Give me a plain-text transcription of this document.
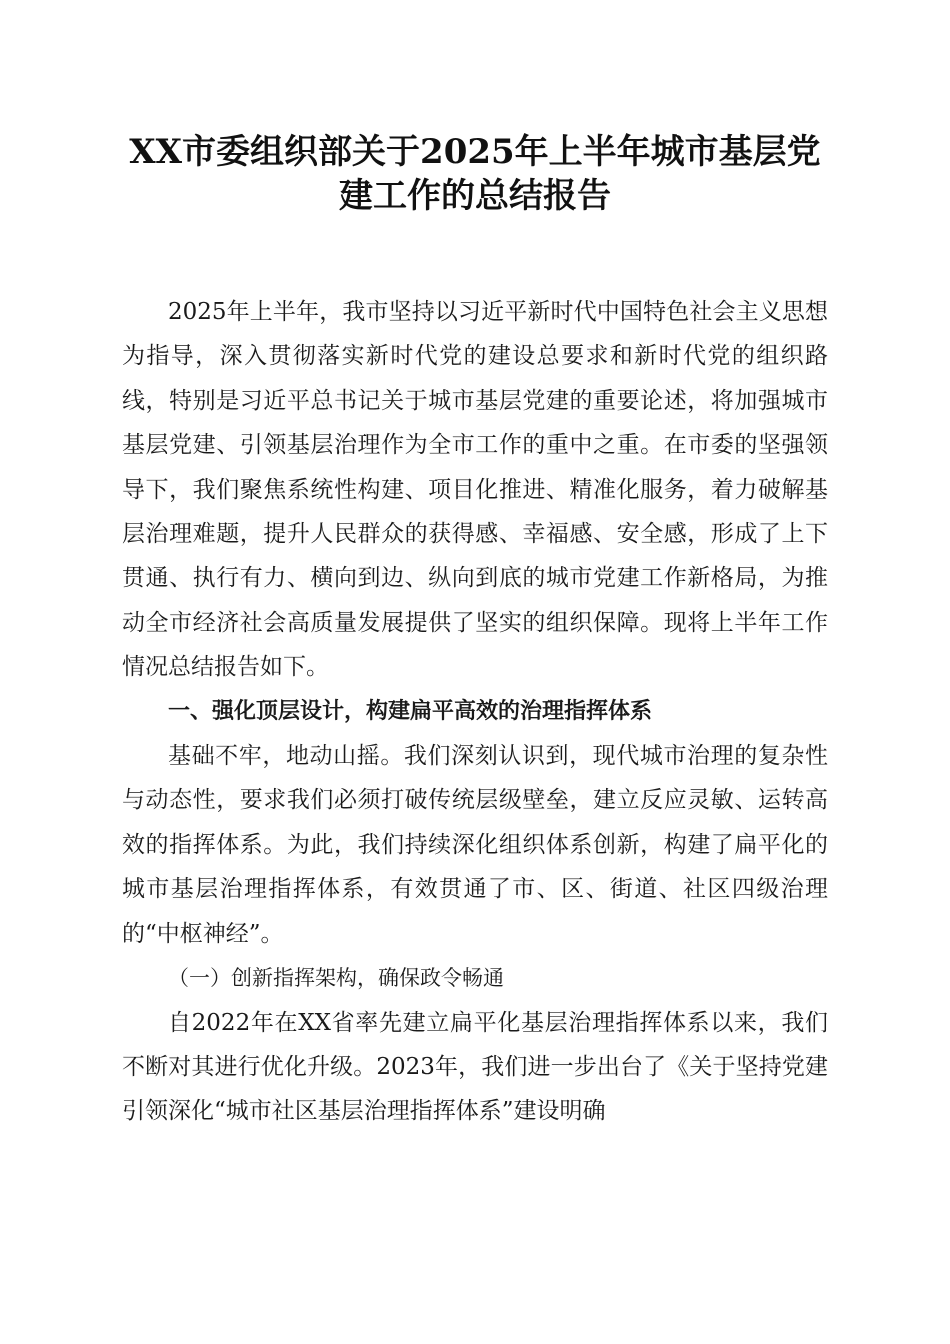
XX市委组织部关于2025年上半年城市基层党
建工作的总结报告

2025年上半年，我市坚持以习近平新时代中国特色社会主义思想为指导，深入贯彻落实新时代党的建设总要求和新时代党的组织路线，特别是习近平总书记关于城市基层党建的重要论述，将加强城市基层党建、引领基层治理作为全市工作的重中之重。在市委的坚强领导下，我们聚焦系统性构建、项目化推进、精准化服务，着力破解基层治理难题，提升人民群众的获得感、幸福感、安全感，形成了上下贯通、执行有力、横向到边、纵向到底的城市党建工作新格局，为推动全市经济社会高质量发展提供了坚实的组织保障。现将上半年工作情况总结报告如下。

一、强化顶层设计，构建扁平高效的治理指挥体系

基础不牢，地动山摇。我们深刻认识到，现代城市治理的复杂性与动态性，要求我们必须打破传统层级壁垒，建立反应灵敏、运转高效的指挥体系。为此，我们持续深化组织体系创新，构建了扁平化的城市基层治理指挥体系，有效贯通了市、区、街道、社区四级治理的“中枢神经”。

（一）创新指挥架构，确保政令畅通

自2022年在XX省率先建立扁平化基层治理指挥体系以来，我们不断对其进行优化升级。2023年，我们进一步出台了《关于坚持党建引领深化“城市社区基层治理指挥体系”建设明确
